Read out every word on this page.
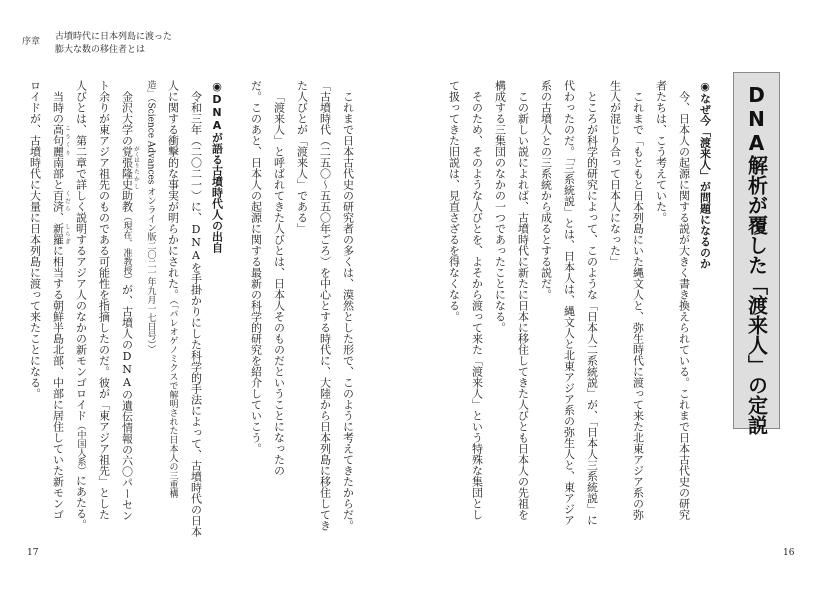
序章 古墳時代に日本列島に渡った
膨大な数の移住者とは
DNA解析が覆した「渡来人」の定説
◉なぜ今「渡来人」が問題になるのか
今、日本人の起源に関する説が大きく書き換えられている。これまで日本古代史の研究
者たちは、こう考えていた。
これまで「もともと日本列島にいた縄文人と、弥生時代に渡って来た北東アジア系の弥
生人が混じり合って日本人になった」
ところが科学的研究によって、このような「日本人二系統説」が、「日本人三系統説」に
代わったのだ。「三系統説」とは、日本人は、縄文人と北東アジア系の弥生人と、東アジア
系の古墳人との三系統から成るとする説だ。
この新しい説によれば、古墳時代に新たに日本に移住してきた人びとも日本人の先祖を
構成する三集団のなかの一つであったことになる。
そのため、そのような人びとを、よそから渡って来た「渡来人」という特殊な集団とし
て扱ってきた旧説は、見直さざるを得なくなる。
16
これまで日本古代史の研究者の多くは、漠然とした形で、このように考えてきたからだ。
「古墳時代（二五〇〜五五〇年ごろ）を中心とする時代に、大陸から日本列島に移住してき
た人びとが「渡来人」である」
「渡来人」と呼ばれてきた人びとは、日本人そのものだということになったの
だ。このあと、日本人の起源に関する最新の科学的研究を紹介していこう。
◉DNAが語る古墳時代人の出自
令和三年（二〇二一）に、DNAを手掛かりにした科学的手法によって、古墳時代の日本
人に関する衝撃的な事実が明らかにされた。（「パレオゲノミクスで解明された日本人の三重構
造」（Science Advances オンライン版二〇二一年九月一七日号））
金沢大学の覚張 がくはり隆史 たかし助教（現在、准教授）が、古墳人のDNAの遺伝情報の六〇パーセン
ト余りが東アジア祖先のものである可能性を指摘したのだ。彼が「東アジア祖先」とした
人びとは、第二章で詳しく説明するアジア人のなかの新モンゴロイド（中国人系）にあたる。
当時の高句麗 こうくり南部と百済 くだら、新羅 しらぎに相当する朝鮮半島北部、中部に居住していた新モンゴ
ロイドが、古墳時代に大量に日本列島に渡って来たことになる。
17
